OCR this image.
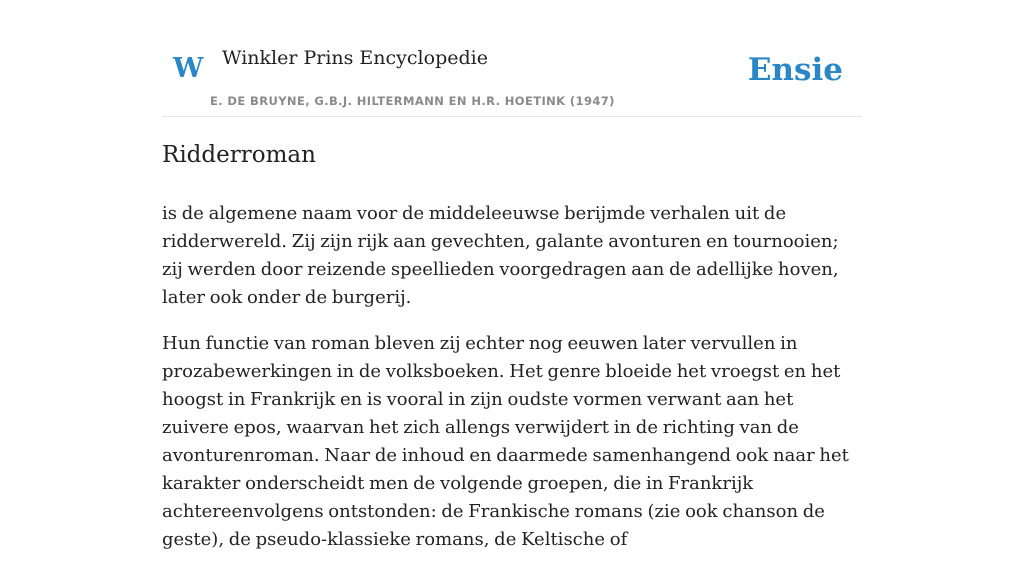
W Winkler Prins Encyclopedie
E. DE BRUYNE, G.B.J. HILTERMANN EN H.R. HOETINK (1947)
Ensie
Ridderroman

is de algemene naam voor de middeleeuwse berijmde verhalen uit de ridderwereld. Zij zijn rijk aan gevechten, galante avonturen en tournooien; zij werden door reizende speellieden voorgedragen aan de adellijke hoven, later ook onder de burgerij.

Hun functie van roman bleven zij echter nog eeuwen later vervullen in prozabewerkingen in de volksboeken. Het genre bloeide het vroegst en het hoogst in Frankrijk en is vooral in zijn oudste vormen verwant aan het zuivere epos, waarvan het zich allengs verwijdert in de richting van de avonturenroman. Naar de inhoud en daarmede samenhangend ook naar het karakter onderscheidt men de volgende groepen, die in Frankrijk achtereenvolgens ontstonden: de Frankische romans (zie ook chanson de geste), de pseudo-klassieke romans, de Keltische of
